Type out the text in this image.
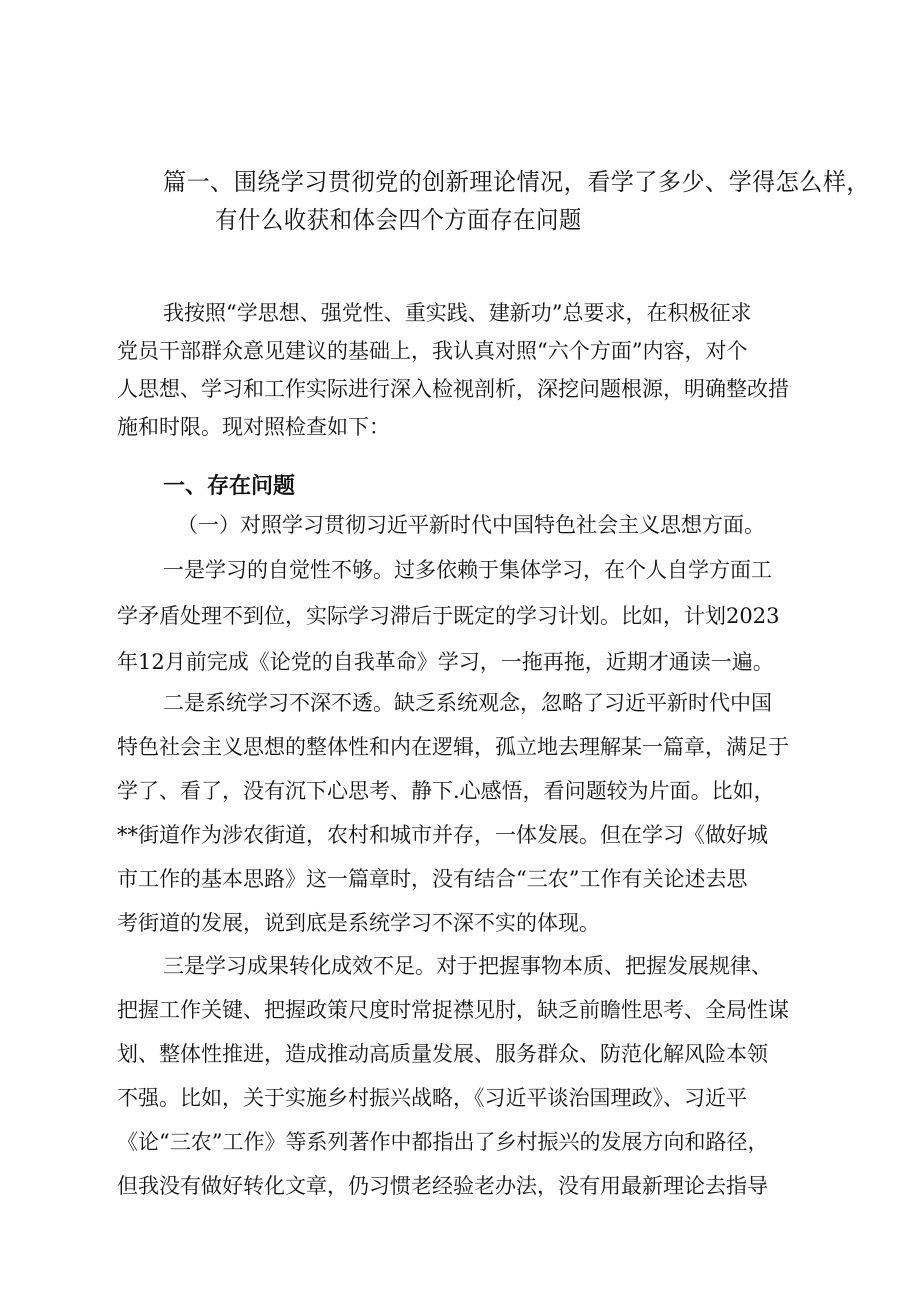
篇一、围绕学习贯彻党的创新理论情况，看学了多少、学得怎么样，
有什么收获和体会四个方面存在问题
我按照“学思想、强党性、重实践、建新功”总要求，在积极征求
党员干部群众意见建议的基础上，我认真对照“六个方面”内容，对个
人思想、学习和工作实际进行深入检视剖析，深挖问题根源，明确整改措
施和时限。现对照检查如下：
一、存在问题
（一）对照学习贯彻习近平新时代中国特色社会主义思想方面。
一是学习的自觉性不够。过多依赖于集体学习，在个人自学方面工
学矛盾处理不到位，实际学习滞后于既定的学习计划。比如，计划2023
年12月前完成《论党的自我革命》学习，一拖再拖，近期才通读一遍。
二是系统学习不深不透。缺乏系统观念，忽略了习近平新时代中国
特色社会主义思想的整体性和内在逻辑，孤立地去理解某一篇章，满足于
学了、看了，没有沉下心思考、静下.心感悟，看问题较为片面。比如，
**街道作为涉农街道，农村和城市并存，一体发展。但在学习《做好城
市工作的基本思路》这一篇章时，没有结合“三农”工作有关论述去思
考街道的发展，说到底是系统学习不深不实的体现。
三是学习成果转化成效不足。对于把握事物本质、把握发展规律、
把握工作关键、把握政策尺度时常捉襟见肘，缺乏前瞻性思考、全局性谋
划、整体性推进，造成推动高质量发展、服务群众、防范化解风险本领
不强。比如，关于实施乡村振兴战略，《习近平谈治国理政》、习近平
《论“三农”工作》等系列著作中都指出了乡村振兴的发展方向和路径，
但我没有做好转化文章，仍习惯老经验老办法，没有用最新理论去指导
